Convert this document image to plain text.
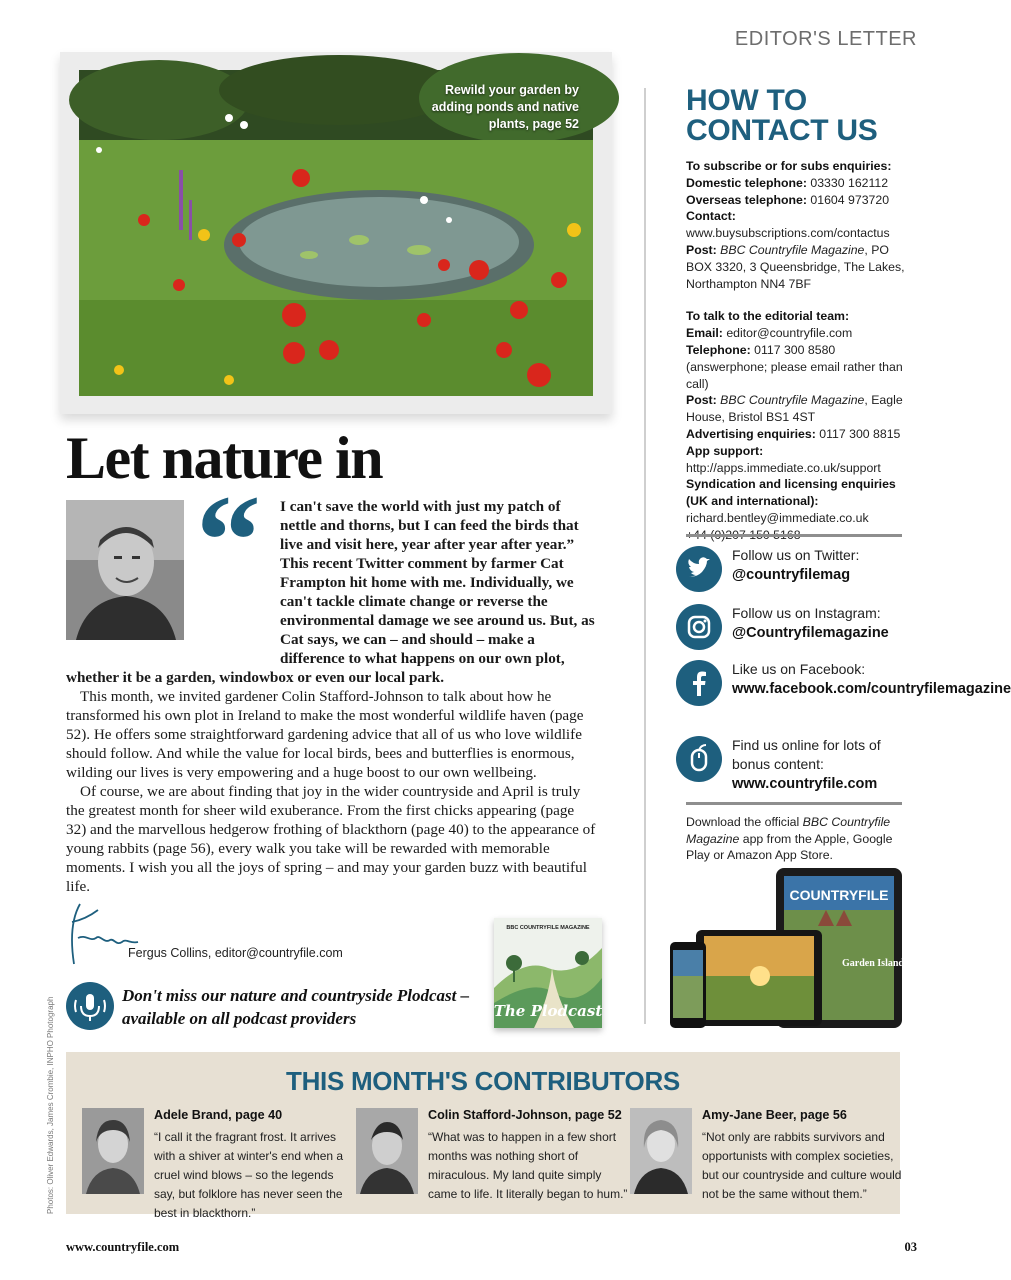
EDITOR'S LETTER
Rewild your garden by adding ponds and native plants, page 52
Let nature in
“	I can't save the world with just my patch of nettle and thorns, but I can feed the birds that live and visit here, year after year after year.” This recent Twitter comment by farmer Cat Frampton hit home with me. Individually, we can't tackle climate change or reverse the environmental damage we see around us. But, as Cat says, we can – and should – make a difference to what happens on our own plot, whether it be a garden, windowbox or even our local park.

This month, we invited gardener Colin Stafford-Johnson to talk about how he transformed his own plot in Ireland to make the most wonderful wildlife haven (page 52). He offers some straightforward gardening advice that all of us who love wildlife should follow. And while the value for local birds, bees and butterflies is enormous, wilding our lives is very empowering and a huge boost to our own wellbeing.

Of course, we are about finding that joy in the wider countryside and April is truly the greatest month for sheer wild exuberance. From the first chicks appearing (page 32) and the marvellous hedgerow frothing of blackthorn (page 40) to the appearance of young rabbits (page 56), every walk you take will be rewarded with memorable moments. I wish you all the joys of spring – and may your garden buzz with beautiful life.

Fergus Collins, editor@countryfile.com
Don't miss our nature and countryside Plodcast – available on all podcast providers
BBC COUNTRYFILE MAGAZINE
The Plodcast
HOW TO CONTACT US
To subscribe or for subs enquiries:
Domestic telephone: 03330 162112
Overseas telephone: 01604 973720
Contact: www.buysubscriptions.com/contactus
Post: BBC Countryfile Magazine, PO BOX 3320, 3 Queensbridge, The Lakes, Northampton NN4 7BF
To talk to the editorial team:
Email: editor@countryfile.com
Telephone: 0117 300 8580 (answerphone; please email rather than call)
Post: BBC Countryfile Magazine, Eagle House, Bristol BS1 4ST
Advertising enquiries: 0117 300 8815
App support:
http://apps.immediate.co.uk/support
Syndication and licensing enquiries (UK and international):
richard.bentley@immediate.co.uk

Follow us on Twitter:
@countryfilemag
Follow us on Instagram:
@Countryfilemagazine
Like us on Facebook:
www.facebook.com/countryfilemagazine
Find us online for lots of bonus content:
www.countryfile.com
Download the official BBC Countryfile Magazine app from the Apple, Google Play or Amazon App Store.
COUNTRYFILE
Garden Island
THIS MONTH'S CONTRIBUTORS
Adele Brand, page 40
“I call it the fragrant frost. It arrives with a shiver at winter's end when a cruel wind blows – so the legends say, but folklore has never seen the best in blackthorn.”
Colin Stafford-Johnson, page 52
“What was to happen in a few short months was nothing short of miraculous. My land quite simply came to life. It literally began to hum.”
Amy-Jane Beer, page 56
“Not only are rabbits survivors and opportunists with complex societies, but our countryside and culture would not be the same without them.”
Photos: Oliver Edwards, James Crombie, INPHO Photograph
www.countryfile.com	03
